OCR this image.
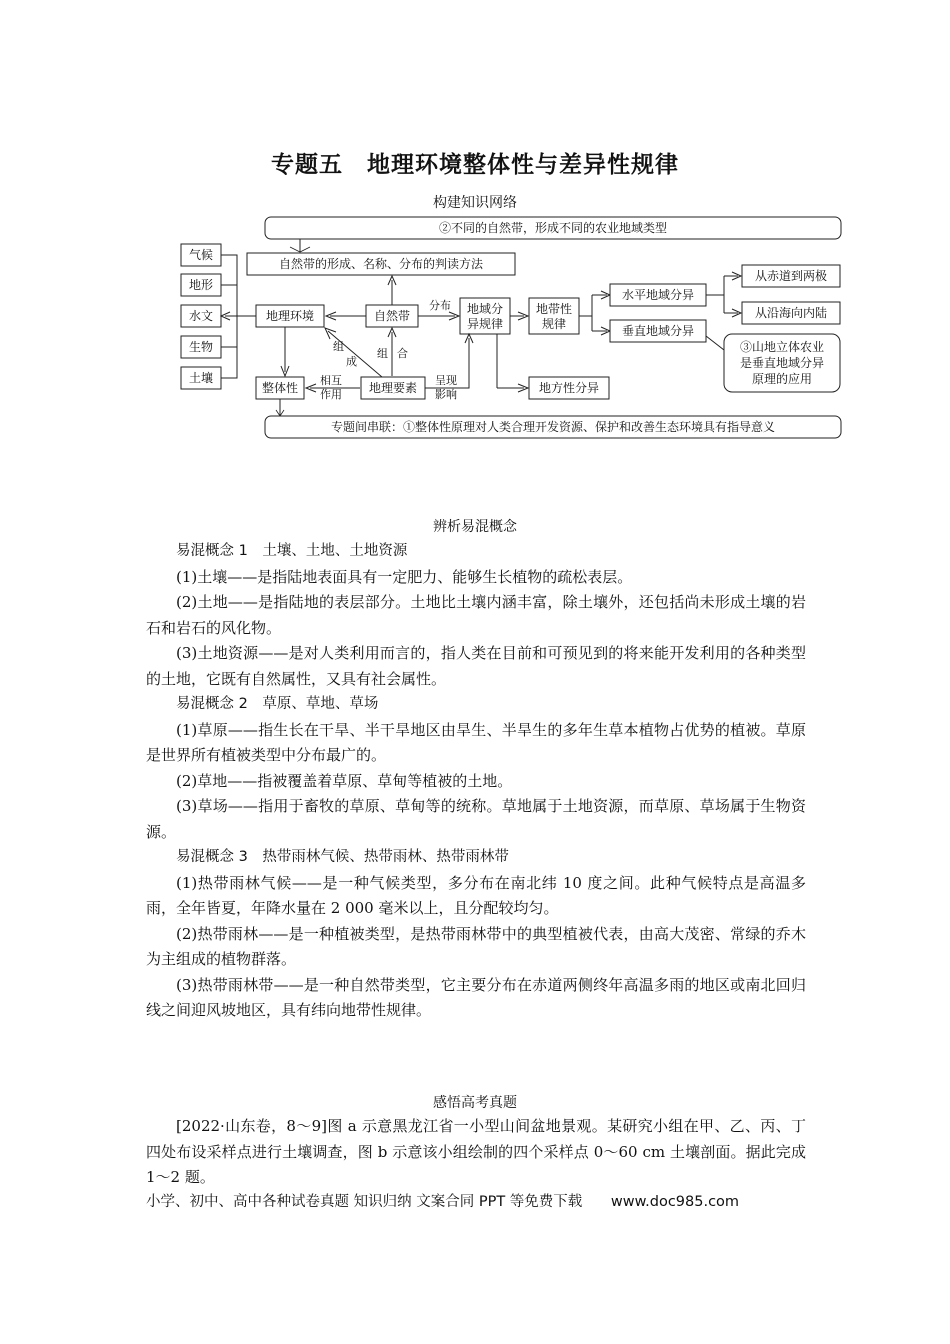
专题五　地理环境整体性与差异性规律
构建知识网络
②不同的自然带，形成不同的农业地域类型
气候
地形
水文
生物
土壤
自然带的形成、名称、分布的判读方法
地理环境	自然带
分布 地域分
异规律
地带性
规律
水平地域分异
垂直地域分异
从赤道到两极
从沿海向内陆
③山地立体农业
是垂直地域分异
原理的应用
组
成
组 合
整体性
相互
作用 地理要素
呈现
影响	地方性分异
专题间串联：①整体性原理对人类合理开发资源、保护和改善生态环境具有指导意义
辨析易混概念

易混概念 1　土壤、土地、土地资源

(1)土壤——是指陆地表面具有一定肥力、能够生长植物的疏松表层。

(2)土地——是指陆地的表层部分。土地比土壤内涵丰富，除土壤外，还包括尚未形成土壤的岩石和岩石的风化物。

(3)土地资源——是对人类利用而言的，指人类在目前和可预见到的将来能开发利用的各种类型的土地，它既有自然属性，又具有社会属性。

易混概念 2　草原、草地、草场

(1)草原——指生长在干旱、半干旱地区由旱生、半旱生的多年生草本植物占优势的植被。草原是世界所有植被类型中分布最广的。

(2)草地——指被覆盖着草原、草甸等植被的土地。

(3)草场——指用于畜牧的草原、草甸等的统称。草地属于土地资源，而草原、草场属于生物资源。

易混概念 3　热带雨林气候、热带雨林、热带雨林带

(1)热带雨林气候——是一种气候类型，多分布在南北纬 10 度之间。此种气候特点是高温多雨，全年皆夏，年降水量在 2 000 毫米以上，且分配较均匀。

(2)热带雨林——是一种植被类型，是热带雨林带中的典型植被代表，由高大茂密、常绿的乔木为主组成的植物群落。

(3)热带雨林带——是一种自然带类型，它主要分布在赤道两侧终年高温多雨的地区或南北回归线之间迎风坡地区，具有纬向地带性规律。

感悟高考真题

[2022·山东卷，8～9]图 a 示意黑龙江省一小型山间盆地景观。某研究小组在甲、乙、丙、丁四处布设采样点进行土壤调查，图 b 示意该小组绘制的四个采样点 0～60 cm 土壤剖面。据此完成 1～2 题。

小学、初中、高中各种试卷真题 知识归纳 文案合同 PPT 等免费下载 www.doc985.com
